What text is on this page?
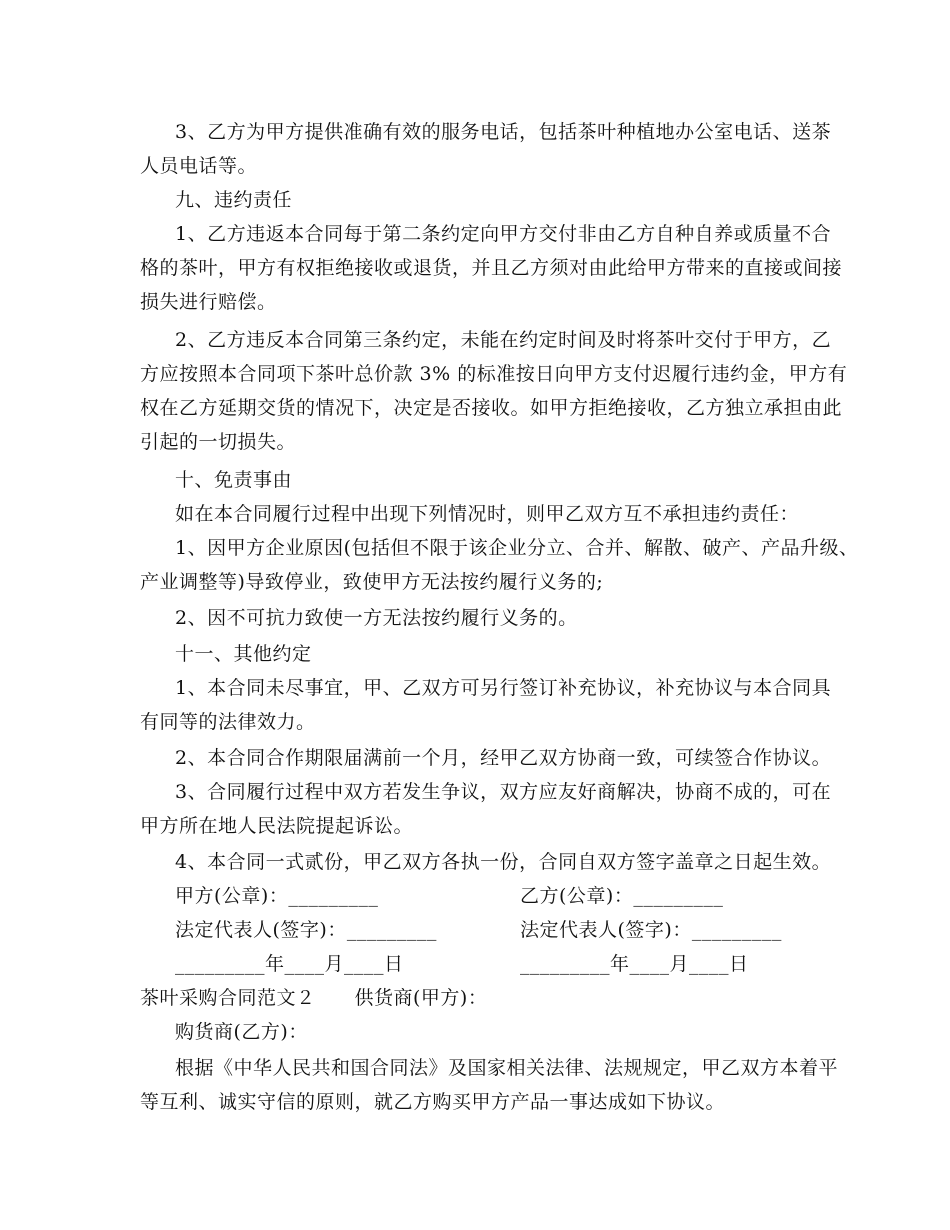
3、乙方为甲方提供准确有效的服务电话，包括茶叶种植地办公室电话、送茶
人员电话等。
九、违约责任
1、乙方违返本合同每于第二条约定向甲方交付非由乙方自种自养或质量不合
格的茶叶，甲方有权拒绝接收或退货，并且乙方须对由此给甲方带来的直接或间接
损失进行赔偿。
2、乙方违反本合同第三条约定，未能在约定时间及时将茶叶交付于甲方，乙
方应按照本合同项下茶叶总价款 3% 的标准按日向甲方支付迟履行违约金，甲方有
权在乙方延期交货的情况下，决定是否接收。如甲方拒绝接收，乙方独立承担由此
引起的一切损失。
十、免责事由
如在本合同履行过程中出现下列情况时，则甲乙双方互不承担违约责任：
1、因甲方企业原因(包括但不限于该企业分立、合并、解散、破产、产品升级、
产业调整等)导致停业，致使甲方无法按约履行义务的;
2、因不可抗力致使一方无法按约履行义务的。
十一、其他约定
1、本合同未尽事宜，甲、乙双方可另行签订补充协议，补充协议与本合同具
有同等的法律效力。
2、本合同合作期限届满前一个月，经甲乙双方协商一致，可续签合作协议。
3、合同履行过程中双方若发生争议，双方应友好商解决，协商不成的，可在
甲方所在地人民法院提起诉讼。
4、本合同一式贰份，甲乙双方各执一份，合同自双方签字盖章之日起生效。
甲方(公章)：_________	乙方(公章)：_________
法定代表人(签字)：_________	法定代表人(签字)：_________
_________年____月____日	_________年____月____日
茶叶采购合同范文２　　供货商(甲方)：
购货商(乙方)：
根据《中华人民共和国合同法》及国家相关法律、法规规定，甲乙双方本着平
等互利、诚实守信的原则，就乙方购买甲方产品一事达成如下协议。
